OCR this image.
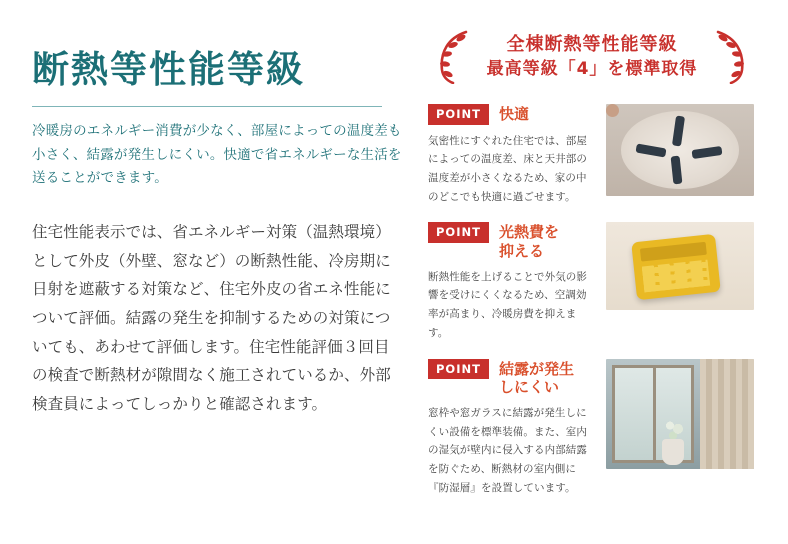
断熱等性能等級
冷暖房のエネルギー消費が少なく、部屋によっての温度差も小さく、結露が発生しにくい。快適で省エネルギーな生活を送ることができます。

住宅性能表示では、省エネルギー対策（温熱環境）として外皮（外壁、窓など）の断熱性能、冷房期に日射を遮蔽する対策など、住宅外皮の省エネ性能について評価。結露の発生を抑制するための対策についても、あわせて評価します。住宅性能評価３回目の検査で断熱材が隙間なく施工されているか、外部検査員によってしっかりと確認されます。

全棟断熱等性能等級
最高等級「4」を標準取得
POINT	快適
気密性にすぐれた住宅では、部屋によっての温度差、床と天井部の温度差が小さくなるため、家の中のどこでも快適に過ごせます。
POINT	光熱費を
抑える
断熱性能を上げることで外気の影響を受けにくくなるため、空調効率が高まり、冷暖房費を抑えます。
POINT	結露が発生
しにくい
窓枠や窓ガラスに結露が発生しにくい設備を標準装備。また、室内の湿気が壁内に侵入する内部結露を防ぐため、断熱材の室内側に『防湿層』を設置しています。
